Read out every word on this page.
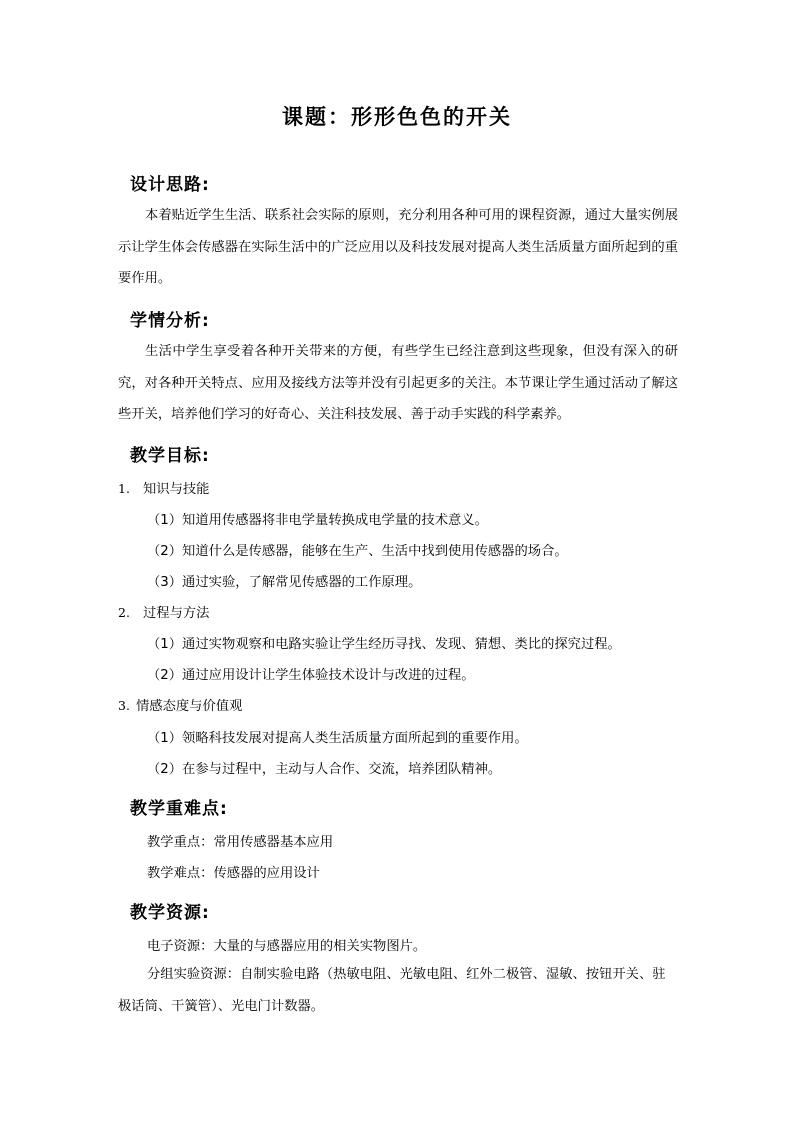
课题：形形色色的开关
设计思路:
本着贴近学生生活、联系社会实际的原则，充分利用各种可用的课程资源，通过大量实例展示让学生体会传感器在实际生活中的广泛应用以及科技发展对提高人类生活质量方面所起到的重要作用。
学情分析:
生活中学生享受着各种开关带来的方便，有些学生已经注意到这些现象，但没有深入的研究，对各种开关特点、应用及接线方法等并没有引起更多的关注。本节课让学生通过活动了解这些开关，培养他们学习的好奇心、关注科技发展、善于动手实践的科学素养。
教学目标:
1. 知识与技能
（1）知道用传感器将非电学量转换成电学量的技术意义。
（2）知道什么是传感器，能够在生产、生活中找到使用传感器的场合。
（3）通过实验，了解常见传感器的工作原理。
2. 过程与方法
（1）通过实物观察和电路实验让学生经历寻找、发现、猜想、类比的探究过程。
（2）通过应用设计让学生体验技术设计与改进的过程。
3. 情感态度与价值观
（1）领略科技发展对提高人类生活质量方面所起到的重要作用。
（2）在参与过程中，主动与人合作、交流，培养团队精神。
教学重难点:
教学重点：常用传感器基本应用
教学难点：传感器的应用设计
教学资源:
电子资源：大量的与感器应用的相关实物图片。
分组实验资源：自制实验电路（热敏电阻、光敏电阻、红外二极管、湿敏、按钮开关、驻极话筒、干簧管）、光电门计数器。
